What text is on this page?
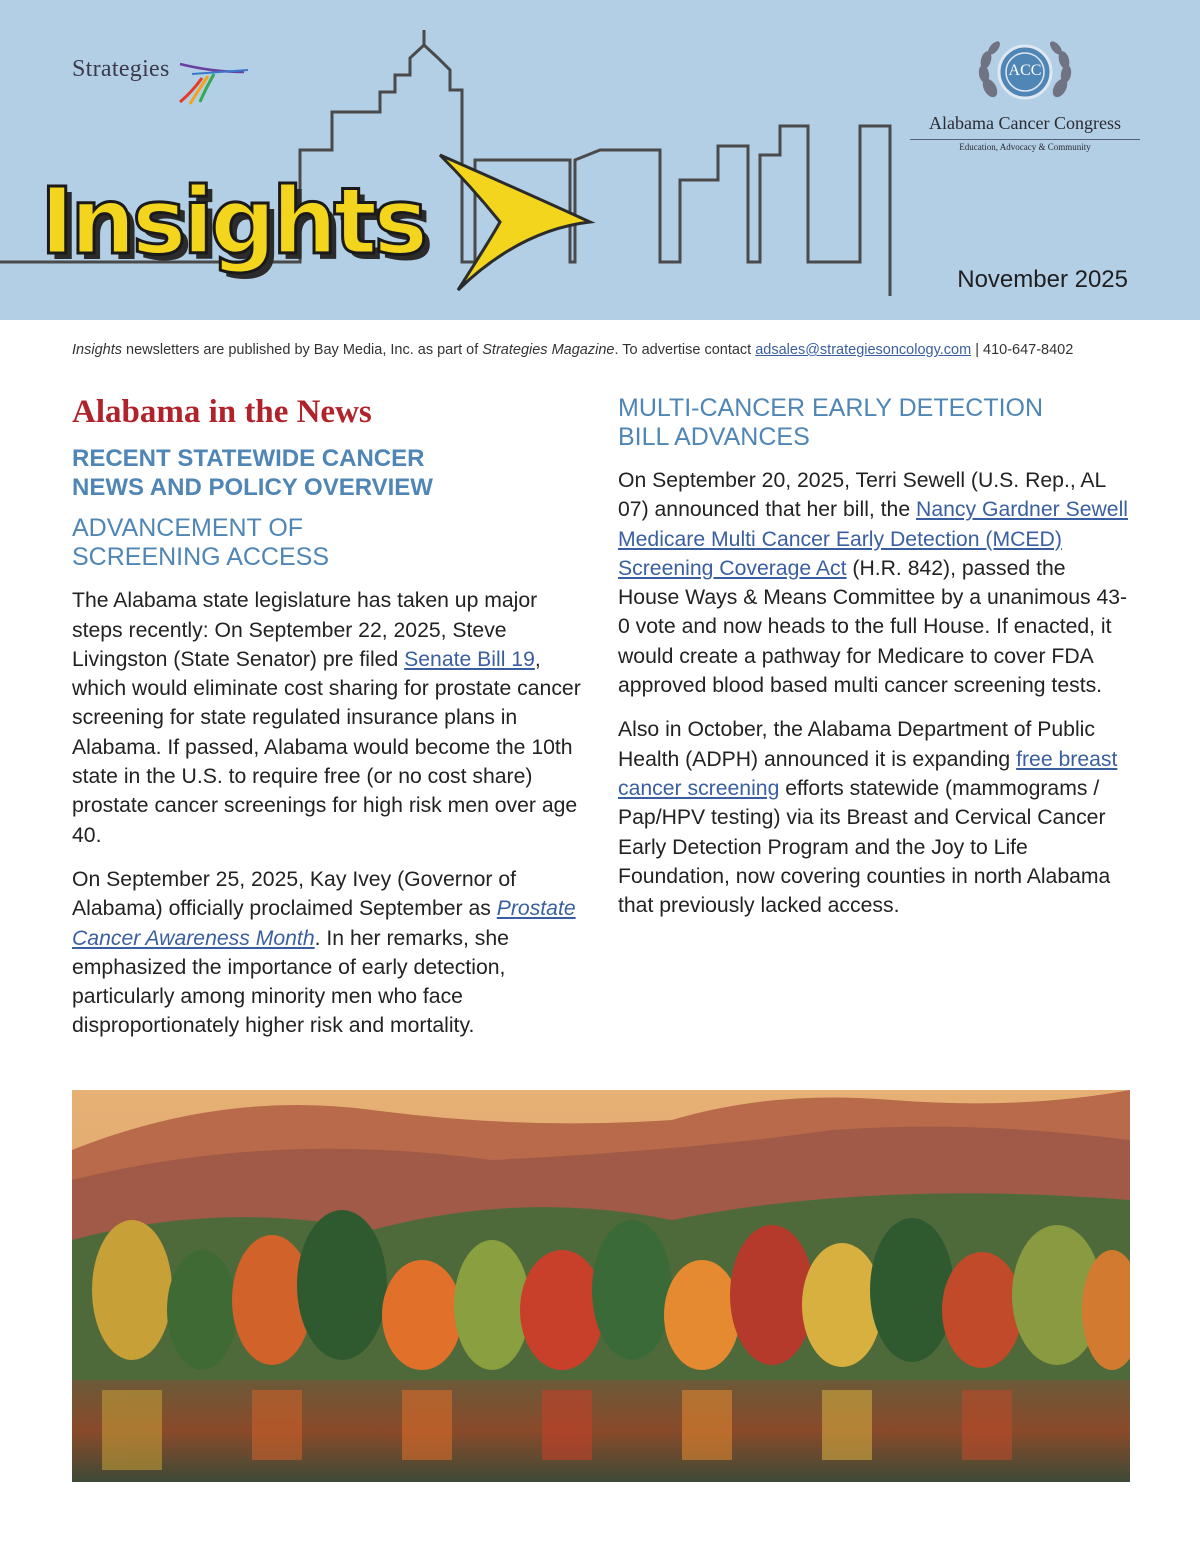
Strategies
Insights
ACC
Alabama Cancer Congress
Education, Advocacy & Community
November 2025
Insights newsletters are published by Bay Media, Inc. as part of Strategies Magazine. To advertise contact adsales@strategiesoncology.com | 410-647-8402
Alabama in the News
RECENT STATEWIDE CANCER
NEWS AND POLICY OVERVIEW
ADVANCEMENT OF
SCREENING ACCESS

The Alabama state legislature has taken up major steps recently: On September 22, 2025, Steve Livingston (State Senator) pre filed Senate Bill 19, which would eliminate cost sharing for prostate cancer screening for state regulated insurance plans in Alabama. If passed, Alabama would become the 10th state in the U.S. to require free (or no cost share) prostate cancer screenings for high risk men over age 40.

On September 25, 2025, Kay Ivey (Governor of Alabama) officially proclaimed September as Prostate Cancer Awareness Month. In her remarks, she emphasized the importance of early detection, particularly among minority men who face disproportionately higher risk and mortality.

MULTI-CANCER EARLY DETECTION
BILL ADVANCES

On September 20, 2025, Terri Sewell (U.S. Rep., AL 07) announced that her bill, the Nancy Gardner Sewell Medicare Multi Cancer Early Detection (MCED) Screening Coverage Act (H.R. 842), passed the House Ways & Means Committee by a unanimous 43-0 vote and now heads to the full House. If enacted, it would create a pathway for Medicare to cover FDA approved blood based multi cancer screening tests.

Also in October, the Alabama Department of Public Health (ADPH) announced it is expanding free breast cancer screening efforts statewide (mammograms / Pap/HPV testing) via its Breast and Cervical Cancer Early Detection Program and the Joy to Life Foundation, now covering counties in north Alabama that previously lacked access.
